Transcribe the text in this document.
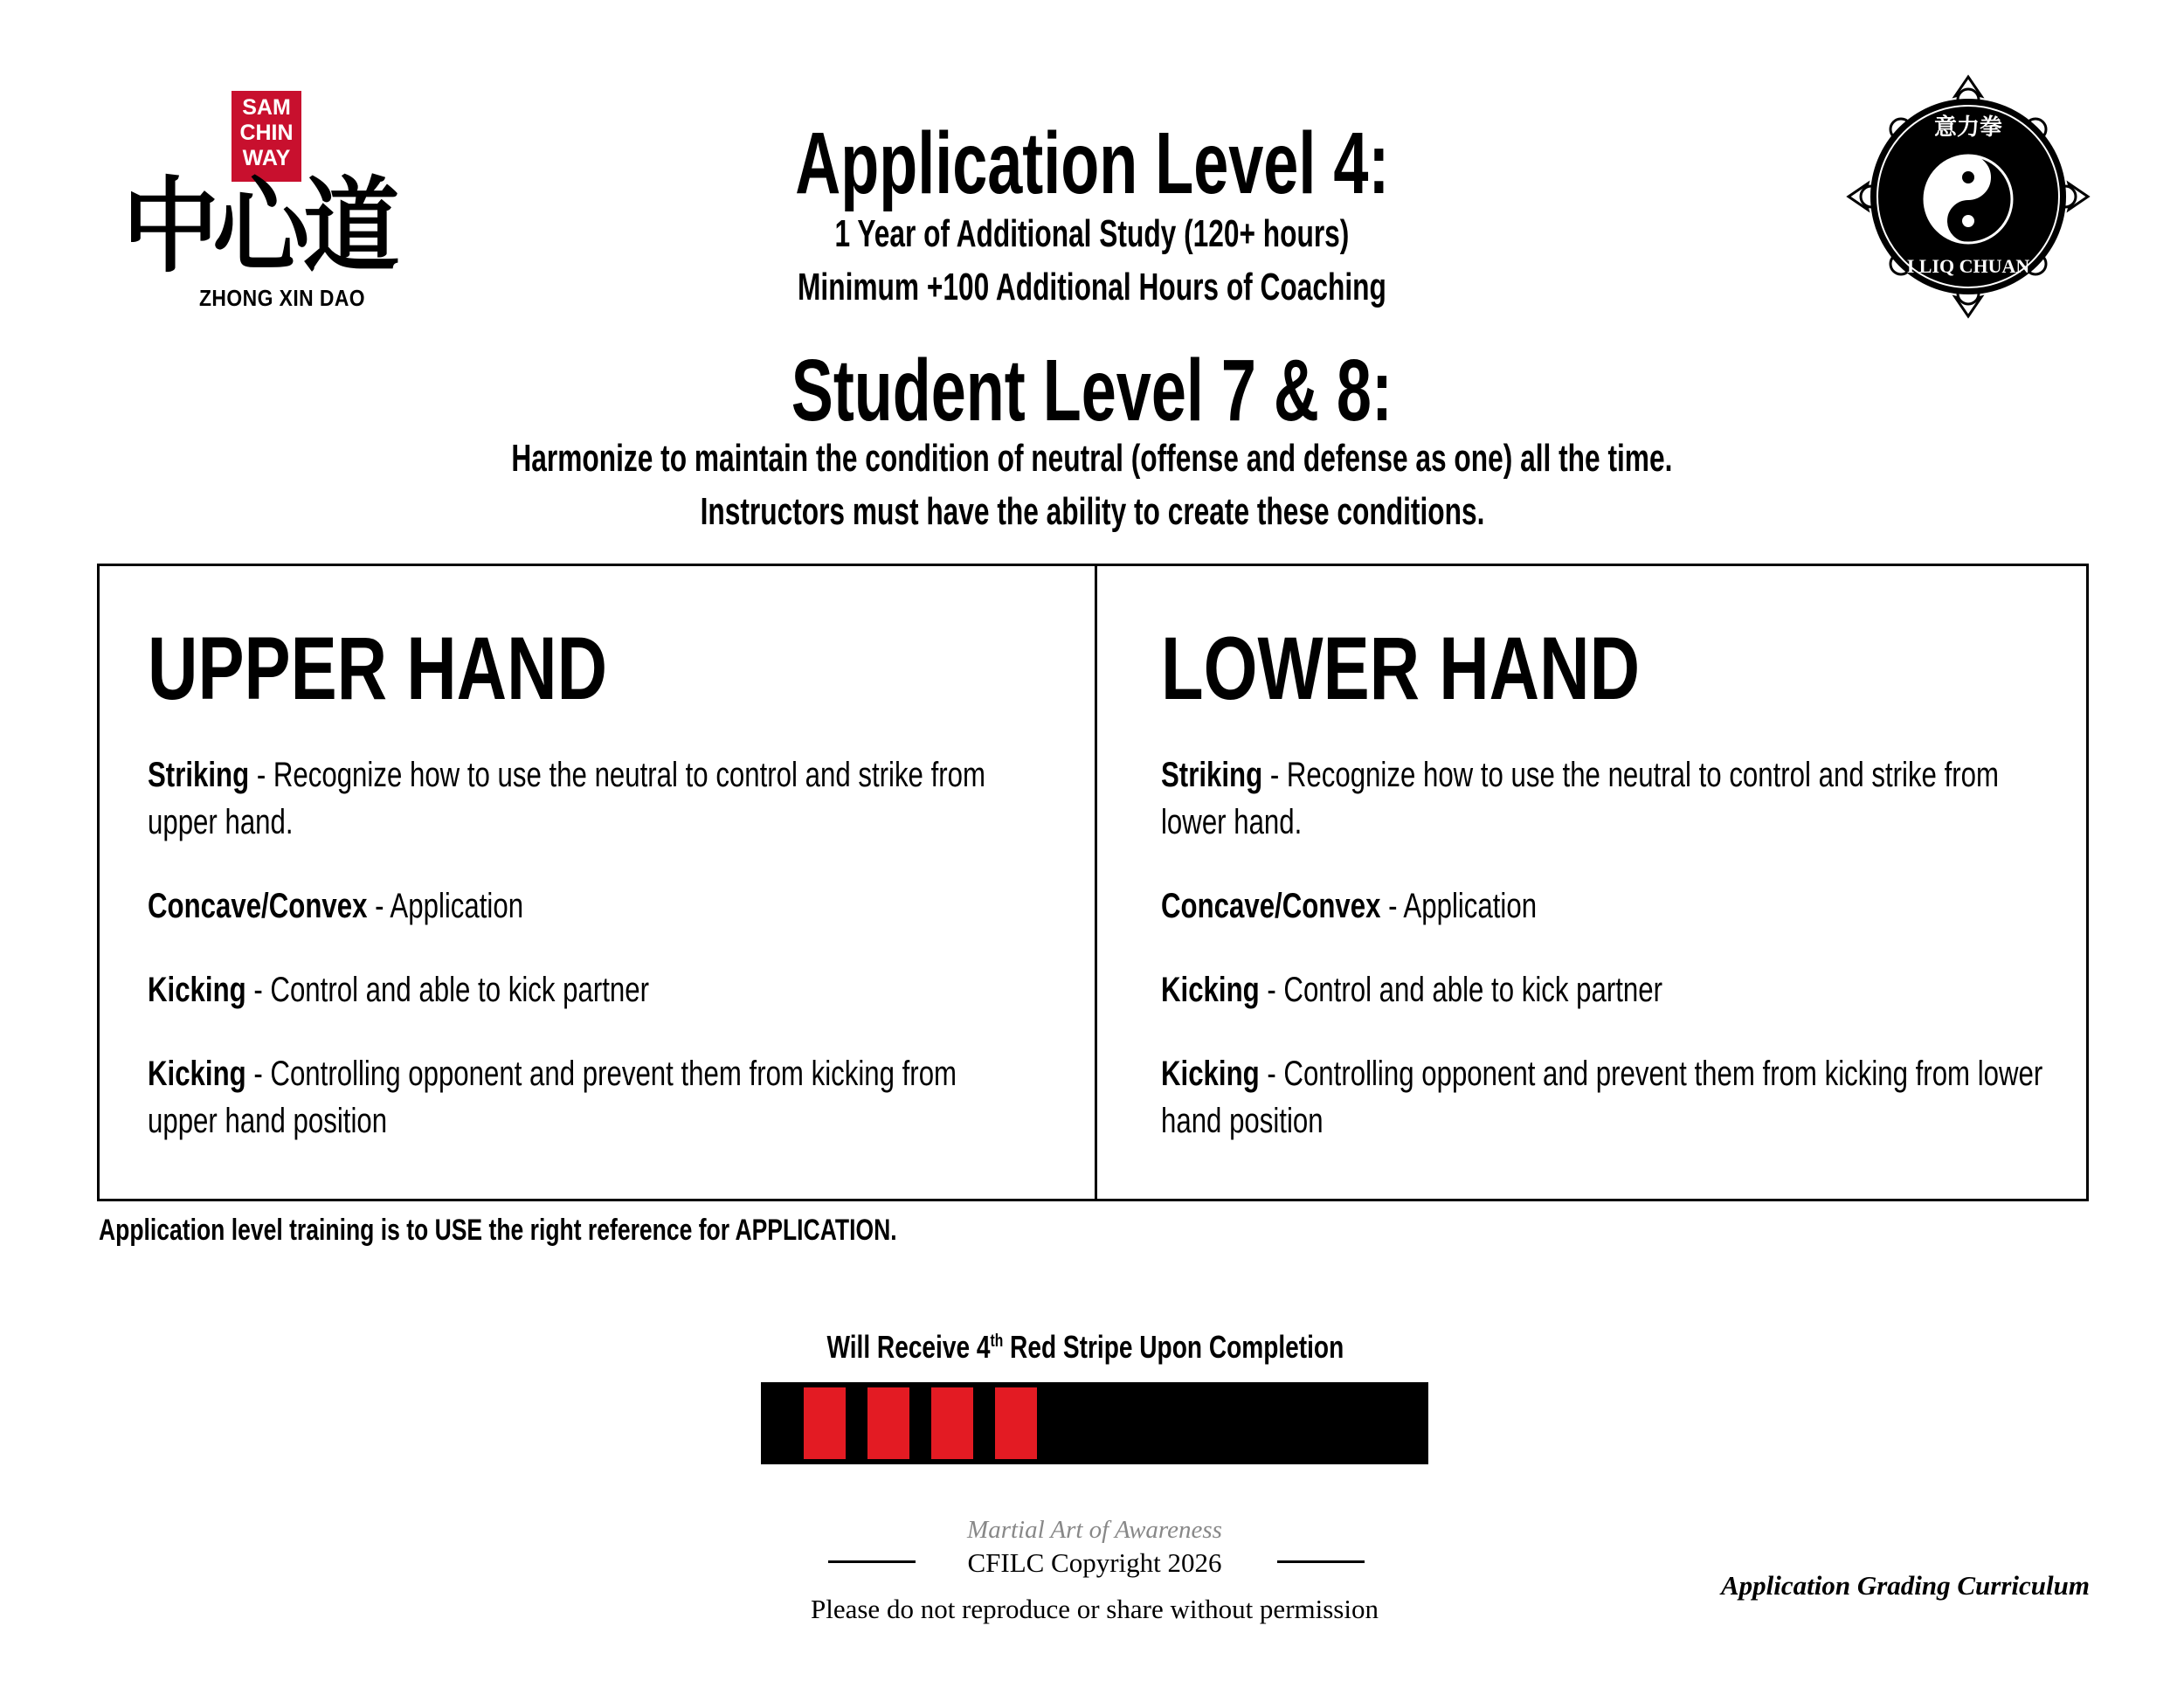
SAM
CHIN
WAY
中心道
ZHONG XIN DAO
意力拳
I LIQ CHUAN
Application Level 4:
1 Year of Additional Study (120+ hours)
Minimum +100 Additional Hours of Coaching
Student Level 7 & 8:
Harmonize to maintain the condition of neutral (offense and defense as one) all the time.
Instructors must have the ability to create these conditions.
UPPER HAND
Striking - Recognize how to use the neutral to control and strike from upper hand.
Concave/Convex - Application
Kicking - Control and able to kick partner
Kicking - Controlling opponent and prevent them from kicking from upper hand position
LOWER HAND
Striking - Recognize how to use the neutral to control and strike from lower hand.
Concave/Convex - Application
Kicking - Control and able to kick partner
Kicking - Controlling opponent and prevent them from kicking from lower hand position
Application level training is to USE the right reference for APPLICATION.
Will Receive 4th Red Stripe Upon Completion
Martial Art of Awareness
CFILC Copyright 2026
Please do not reproduce or share without permission
Application Grading Curriculum
